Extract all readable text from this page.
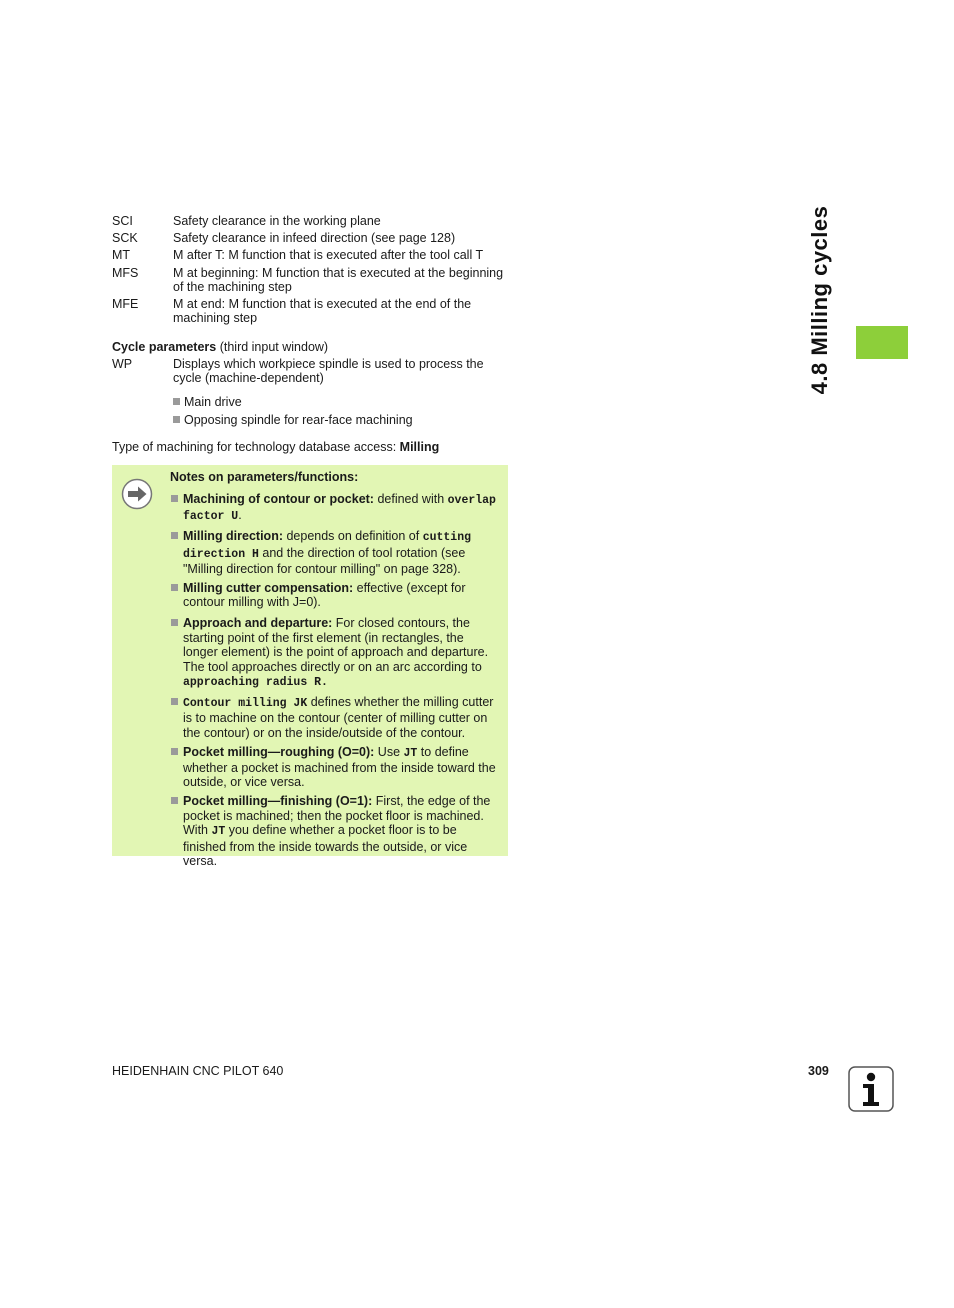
4.8 Milling cycles
SCI	Safety clearance in the working plane
SCK	Safety clearance in infeed direction (see page 128)
MT	M after T: M function that is executed after the tool call T
MFS	M at beginning: M function that is executed at the beginning of the machining step
MFE	M at end: M function that is executed at the end of the machining step
Cycle parameters (third input window)
WP	Displays which workpiece spindle is used to process the cycle (machine-dependent)
Main drive
Opposing spindle for rear-face machining
Type of machining for technology database access: Milling
Notes on parameters/functions:
Machining of contour or pocket: defined with overlap factor U.
Milling direction: depends on definition of cutting direction H and the direction of tool rotation (see "Milling direction for contour milling" on page 328).
Milling cutter compensation: effective (except for contour milling with J=0).
Approach and departure: For closed contours, the starting point of the first element (in rectangles, the longer element) is the point of approach and departure. The tool approaches directly or on an arc according to approaching radius R.
Contour milling JK defines whether the milling cutter is to machine on the contour (center of milling cutter on the contour) or on the inside/outside of the contour.
Pocket milling—roughing (O=0): Use JT to define whether a pocket is machined from the inside toward the outside, or vice versa.
Pocket milling—finishing (O=1): First, the edge of the pocket is machined; then the pocket floor is machined. With JT you define whether a pocket floor is to be finished from the inside towards the outside, or vice versa.
HEIDENHAIN CNC PILOT 640	309
